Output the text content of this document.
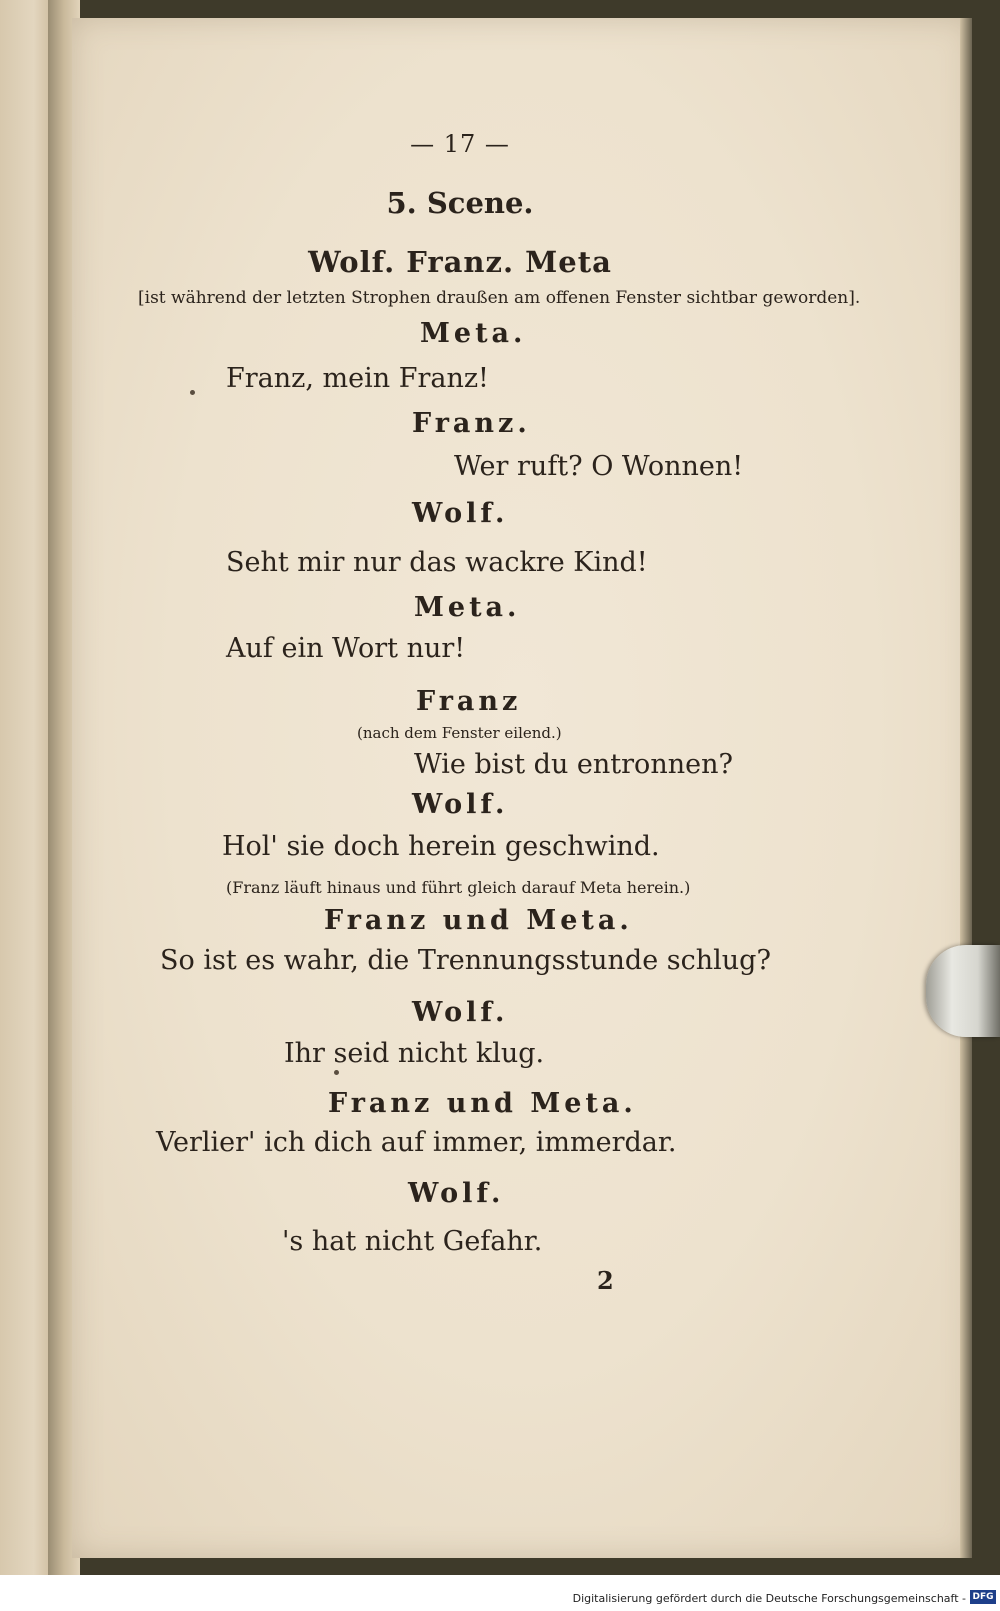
— 17 —
5. Scene.
Wolf. Franz. Meta
[ist während der letzten Strophen draußen am offenen Fenster sichtbar geworden].
Meta.
Franz, mein Franz!
Franz.
Wer ruft? O Wonnen!
Wolf.
Seht mir nur das wackre Kind!
Meta.
Auf ein Wort nur!
Franz
(nach dem Fenster eilend.)
Wie bist du entronnen?
Wolf.
Hol' sie doch herein geschwind.
(Franz läuft hinaus und führt gleich darauf Meta herein.)
Franz und Meta.
So ist es wahr, die Trennungsstunde schlug?
Wolf.
Ihr seid nicht klug.
Franz und Meta.
Verlier' ich dich auf immer, immerdar.
Wolf.
's hat nicht Gefahr.
2
Digitalisierung gefördert durch die Deutsche Forschungsgemeinschaft - DFG
